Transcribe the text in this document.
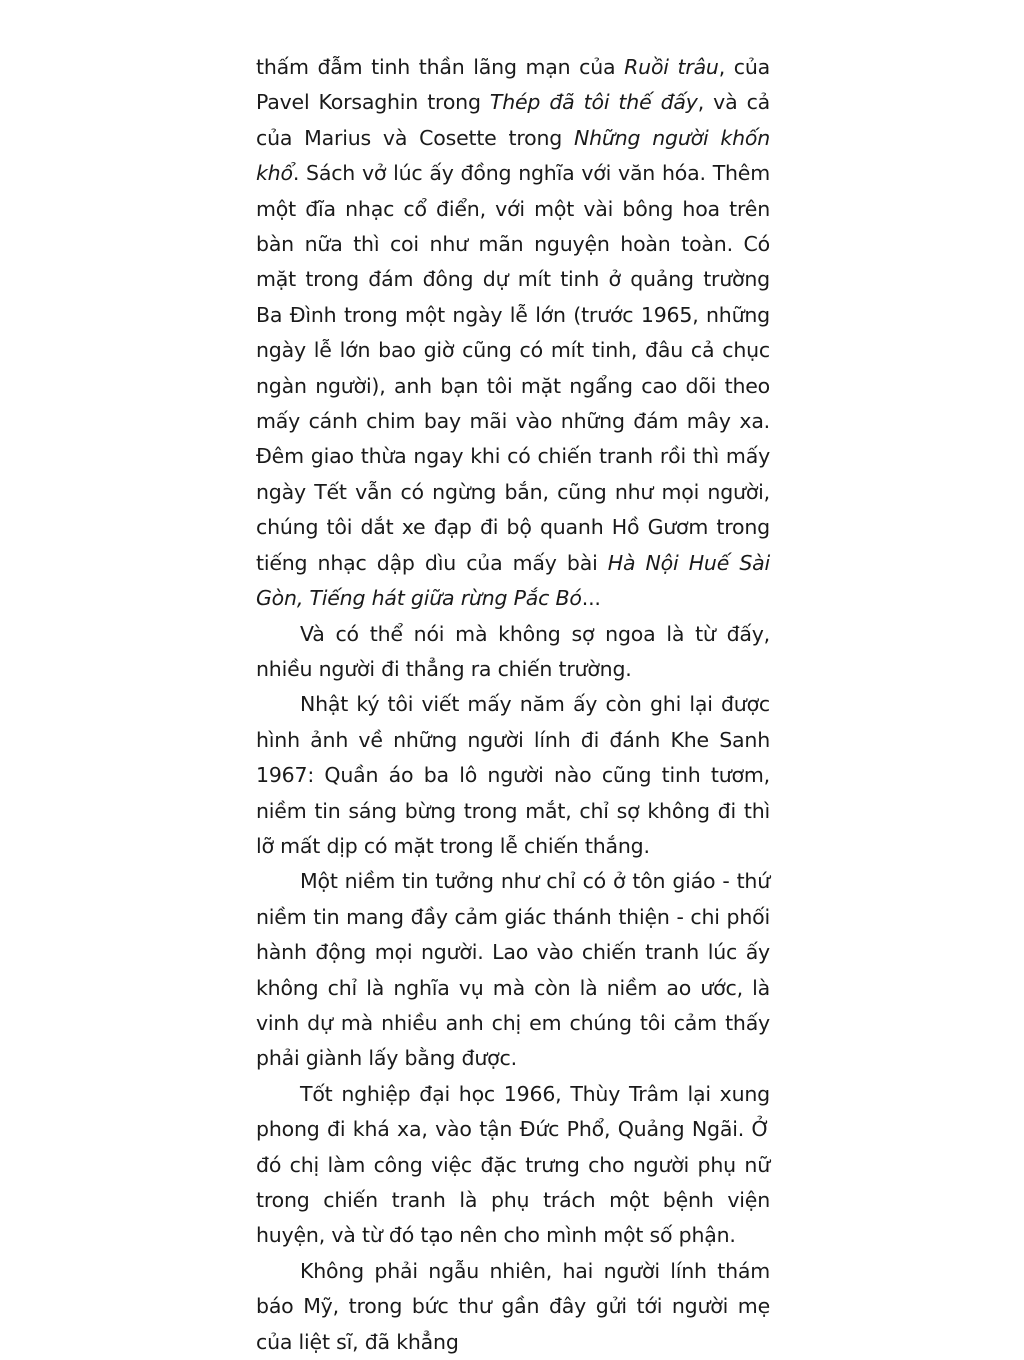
thấm đẫm tinh thần lãng mạn của Ruồi trâu, của Pavel Korsaghin trong Thép đã tôi thế đấy, và cả của Marius và Cosette trong Những người khốn khổ. Sách vở lúc ấy đồng nghĩa với văn hóa. Thêm một đĩa nhạc cổ điển, với một vài bông hoa trên bàn nữa thì coi như mãn nguyện hoàn toàn. Có mặt trong đám đông dự mít tinh ở quảng trường Ba Đình trong một ngày lễ lớn (trước 1965, những ngày lễ lớn bao giờ cũng có mít tinh, đâu cả chục ngàn người), anh bạn tôi mặt ngẩng cao dõi theo mấy cánh chim bay mãi vào những đám mây xa. Đêm giao thừa ngay khi có chiến tranh rồi thì mấy ngày Tết vẫn có ngừng bắn, cũng như mọi người, chúng tôi dắt xe đạp đi bộ quanh Hồ Gươm trong tiếng nhạc dập dìu của mấy bài Hà Nội Huế Sài Gòn, Tiếng hát giữa rừng Pắc Bó...

Và có thể nói mà không sợ ngoa là từ đấy, nhiều người đi thẳng ra chiến trường.

Nhật ký tôi viết mấy năm ấy còn ghi lại được hình ảnh về những người lính đi đánh Khe Sanh 1967: Quần áo ba lô người nào cũng tinh tươm, niềm tin sáng bừng trong mắt, chỉ sợ không đi thì lỡ mất dịp có mặt trong lễ chiến thắng.

Một niềm tin tưởng như chỉ có ở tôn giáo - thứ niềm tin mang đầy cảm giác thánh thiện - chi phối hành động mọi người. Lao vào chiến tranh lúc ấy không chỉ là nghĩa vụ mà còn là niềm ao ước, là vinh dự mà nhiều anh chị em chúng tôi cảm thấy phải giành lấy bằng được.

Tốt nghiệp đại học 1966, Thùy Trâm lại xung phong đi khá xa, vào tận Đức Phổ, Quảng Ngãi. Ở đó chị làm công việc đặc trưng cho người phụ nữ trong chiến tranh là phụ trách một bệnh viện huyện, và từ đó tạo nên cho mình một số phận.

Không phải ngẫu nhiên, hai người lính thám báo Mỹ, trong bức thư gần đây gửi tới người mẹ của liệt sĩ, đã khẳng
